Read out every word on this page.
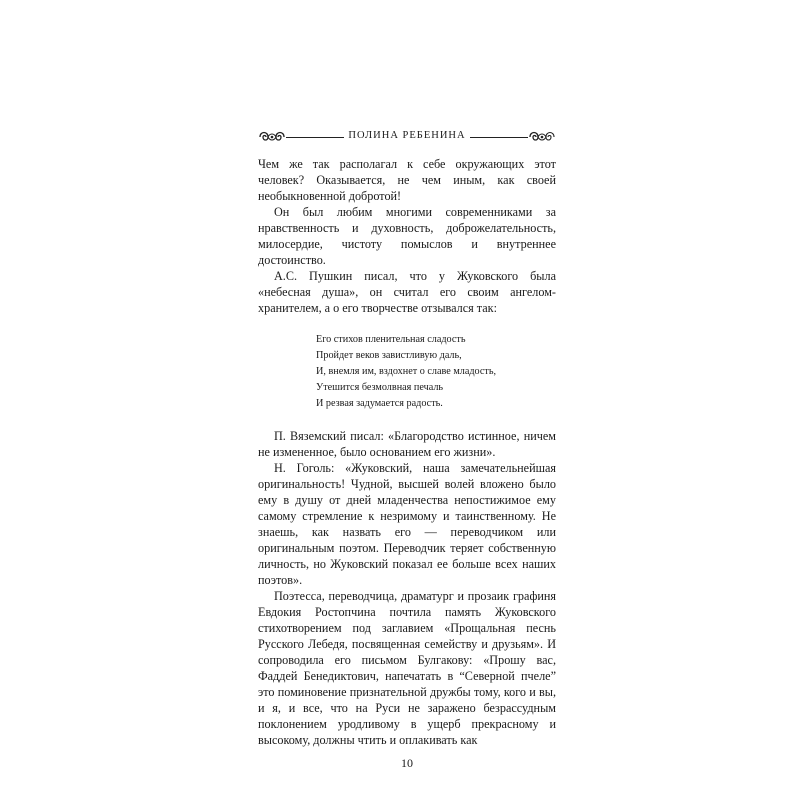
ПОЛИНА РЕБЕНИНА

Чем же так располагал к себе окружающих этот человек? Оказывается, не чем иным, как своей необыкновенной добротой!

Он был любим многими современниками за нравственность и духовность, доброжелательность, милосердие, чистоту помыслов и внутреннее достоинство.

А.С. Пушкин писал, что у Жуковского была «небесная душа», он считал его своим ангелом-хранителем, а о его творчестве отзывался так:

Его стихов пленительная сладость
Пройдет веков завистливую даль,
И, внемля им, вздохнет о славе младость,
Утешится безмолвная печаль
И резвая задумается радость.

П. Вяземский писал: «Благородство истинное, ничем не измененное, было основанием его жизни».

Н. Гоголь: «Жуковский, наша замечательнейшая оригинальность! Чудной, высшей волей вложено было ему в душу от дней младенчества непостижимое ему самому стремление к незримому и таинственному. Не знаешь, как назвать его — переводчиком или оригинальным поэтом. Переводчик теряет собственную личность, но Жуковский показал ее больше всех наших поэтов».

Поэтесса, переводчица, драматург и прозаик графиня Евдокия Ростопчина почтила память Жуковского стихотворением под заглавием «Прощальная песнь Русского Лебедя, посвященная семейству и друзьям». И сопроводила его письмом Булгакову: «Прошу вас, Фаддей Бенедиктович, напечатать в “Северной пчеле” это поминовение признательной дружбы тому, кого и вы, и я, и все, что на Руси не заражено безрассудным поклонением уродливому в ущерб прекрасному и высокому, должны чтить и оплакивать как

10
